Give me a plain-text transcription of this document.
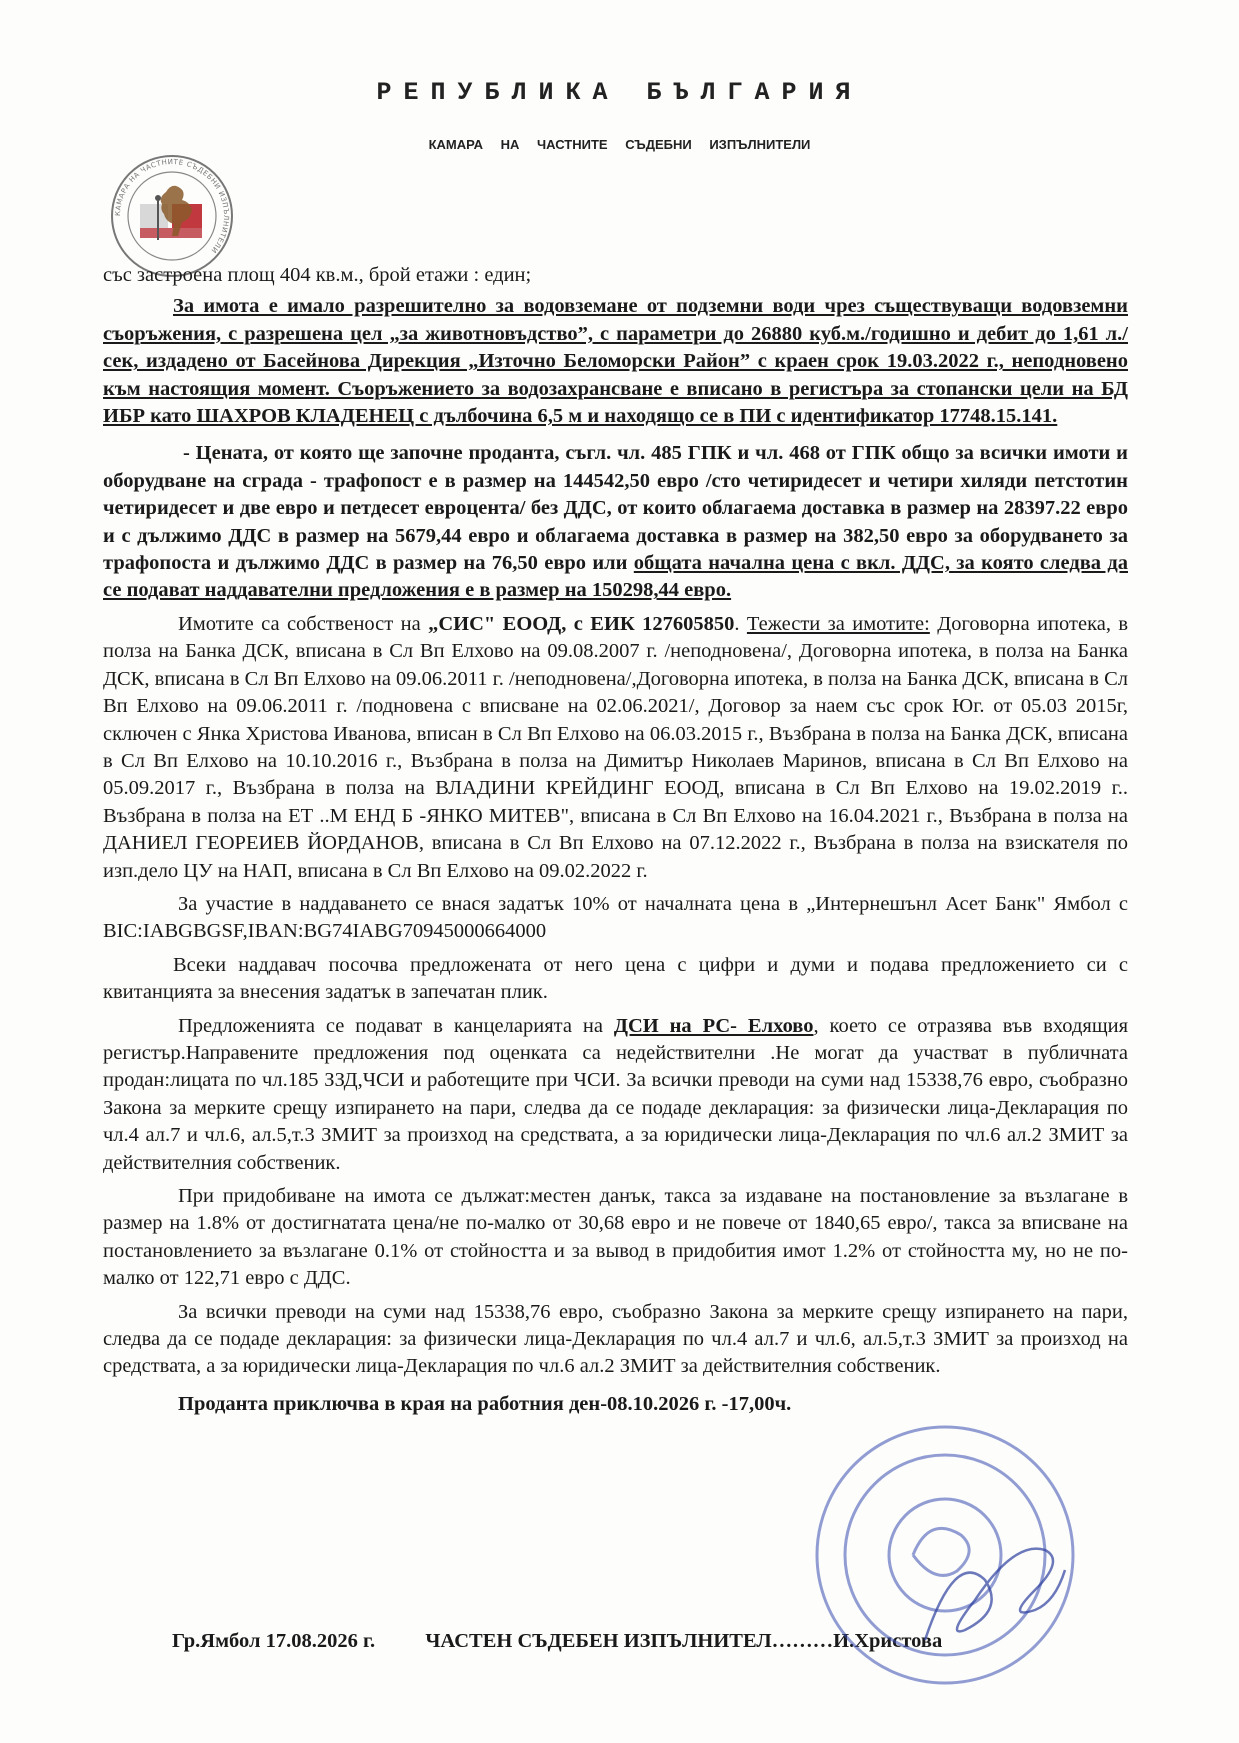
РЕПУБЛИКА БЪЛГАРИЯ
КАМАРА НА ЧАСТНИТЕ СЪДЕБНИ ИЗПЪЛНИТЕЛИ
КАМАРА НА ЧАСТНИТЕ СЪДЕБНИ ИЗПЪЛНИТЕЛИ

със застроена площ 404 кв.м., брой етажи : един;

За имота е имало разрешително за водовземане от подземни води чрез съществуващи водовземни съоръжения, с разрешена цел „за животновъдство”, с параметри до 26880 куб.м./годишно и дебит до 1,61 л./сек, издадено от Басейнова Дирекция „Източно Беломорски Район” с краен срок 19.03.2022 г., неподновено към настоящия момент. Съоръжението за водозахрансване е вписано в регистъра за стопански цели на БД ИБР като ШАХРОВ КЛАДЕНЕЦ с дълбочина 6,5 м и находящо се в ПИ с идентификатор 17748.15.141.

- Цената, от която ще започне проданта, съгл. чл. 485 ГПК и чл. 468 от ГПК общо за всички имоти и оборудване на сграда - трафопост е в размер на 144542,50 евро /сто четиридесет и четири хиляди петстотин четиридесет и две евро и петдесет евроцента/ без ДДС, от които облагаема доставка в размер на 28397.22 евро и с дължимо ДДС в размер на 5679,44 евро и облагаема доставка в размер на 382,50 евро за оборудването за трафопоста и дължимо ДДС в размер на 76,50 евро или общата начална цена с вкл. ДДС, за която следва да се подават наддавателни предложения е в размер на 150298,44 евро.

Имотите са собственост на „СИС" ЕООД, с ЕИК 127605850. Тежести за имотите: Договорна ипотека, в полза на Банка ДСК, вписана в Сл Вп Елхово на 09.08.2007 г. /неподновена/, Договорна ипотека, в полза на Банка ДСК, вписана в Сл Вп Елхово на 09.06.2011 г. /неподновена/,Договорна ипотека, в полза на Банка ДСК, вписана в Сл Вп Елхово на 09.06.2011 г. /подновена с вписване на 02.06.2021/, Договор за наем със срок Юг. от 05.03 2015г, сключен с Янка Христова Иванова, вписан в Сл Вп Елхово на 06.03.2015 г., Възбрана в полза на Банка ДСК, вписана в Сл Вп Елхово на 10.10.2016 г., Възбрана в полза на Димитър Николаев Маринов, вписана в Сл Вп Елхово на 05.09.2017 г., Възбрана в полза на ВЛАДИНИ КРЕЙДИНГ ЕООД, вписана в Сл Вп Елхово на 19.02.2019 г.. Възбрана в полза на ЕТ ..М ЕНД Б -ЯНКО МИТЕВ", вписана в Сл Вп Елхово на 16.04.2021 г., Възбрана в полза на ДАНИЕЛ ГЕОРЕИЕВ ЙОРДАНОВ, вписана в Сл Вп Елхово на 07.12.2022 г., Възбрана в полза на взискателя по изп.дело ЦУ на НАП, вписана в Сл Вп Елхово на 09.02.2022 г.

За участие в наддаването се внася задатък 10% от началната цена в „Интернешънл Асет Банк" Ямбол с BIC:IABGBGSF,IBAN:BG74IABG70945000664000

Всеки наддавач посочва предложената от него цена с цифри и думи и подава предложението си с квитанцията за внесения задатък в запечатан плик.

Предложенията се подават в канцеларията на ДСИ на РС- Елхово, което се отразява във входящия регистър.Направените предложения под оценката са недействителни .Не могат да участват в публичната продан:лицата по чл.185 ЗЗД,ЧСИ и работещите при ЧСИ. За всички преводи на суми над 15338,76 евро, съобразно Закона за мерките срещу изпирането на пари, следва да се подаде декларация: за физически лица-Декларация по чл.4 ал.7 и чл.6, ал.5,т.3 ЗМИТ за произход на средствата, а за юридически лица-Декларация по чл.6 ал.2 ЗМИТ за действителния собственик.

При придобиване на имота се дължат:местен данък, такса за издаване на постановление за възлагане в размер на 1.8% от достигнатата цена/не по-малко от 30,68 евро и не повече от 1840,65 евро/, такса за вписване на постановлението за възлагане 0.1% от стойността и за вывод в придобития имот 1.2% от стойността му, но не по-малко от 122,71 евро с ДДС.

За всички преводи на суми над 15338,76 евро, съобразно Закона за мерките срещу изпирането на пари, следва да се подаде декларация: за физически лица-Декларация по чл.4 ал.7 и чл.6, ал.5,т.3 ЗМИТ за произход на средствата, а за юридически лица-Декларация по чл.6 ал.2 ЗМИТ за действителния собственик.

Проданта приключва в края на работния ден-08.10.2026 г. -17,00ч.

Гр.Ямбол 17.08.2026 г. ЧАСТЕН СЪДЕБЕН ИЗПЪЛНИТЕЛ………И.Христова
